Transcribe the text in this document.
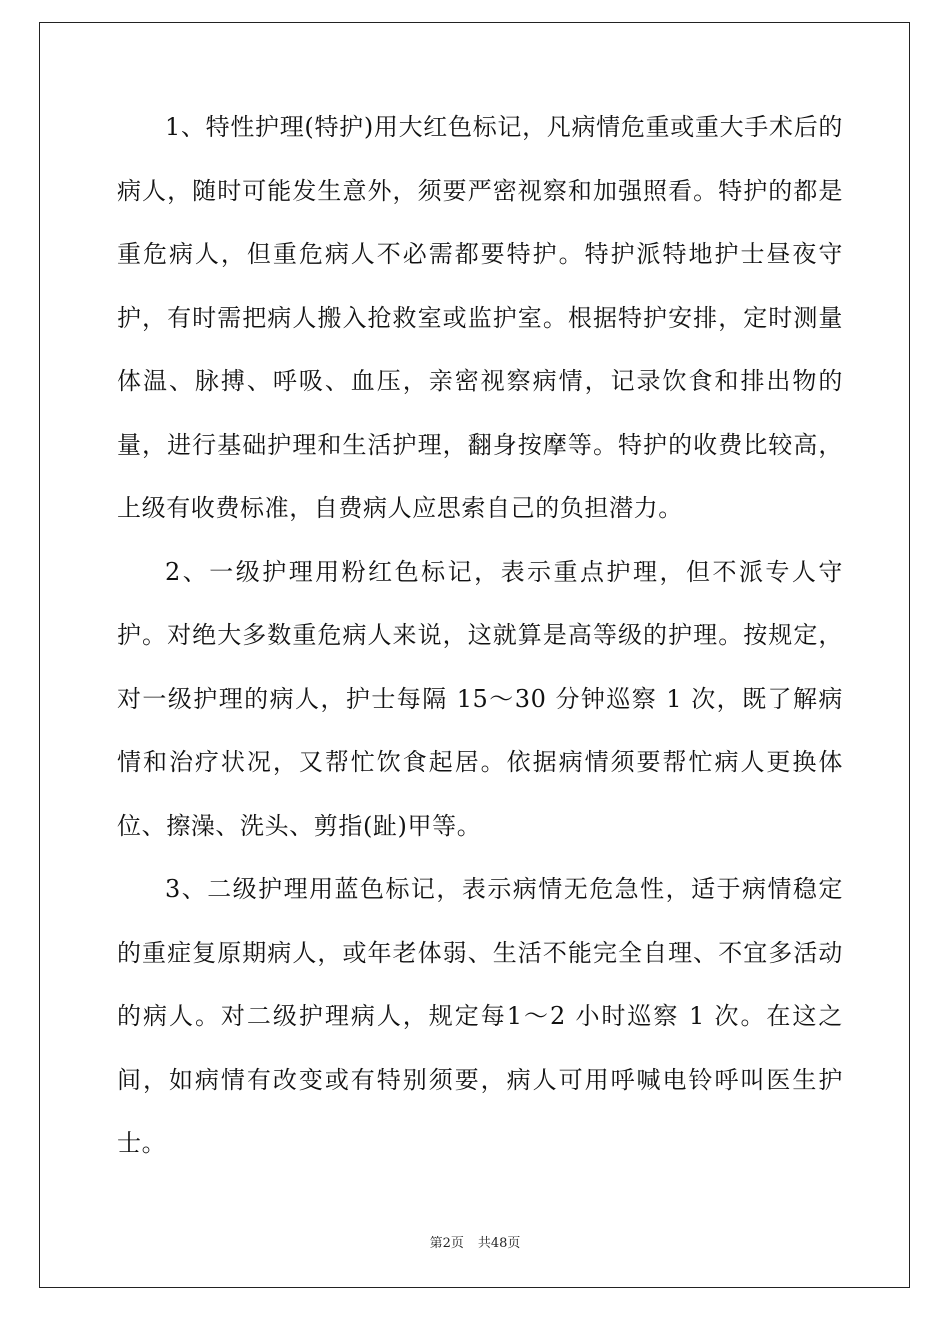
1、特性护理(特护)用大红色标记，凡病情危重或重大手术后的病人，随时可能发生意外，须要严密视察和加强照看。特护的都是重危病人，但重危病人不必需都要特护。特护派特地护士昼夜守护，有时需把病人搬入抢救室或监护室。根据特护安排，定时测量体温、脉搏、呼吸、血压，亲密视察病情，记录饮食和排出物的量，进行基础护理和生活护理，翻身按摩等。特护的收费比较高，上级有收费标准，自费病人应思索自己的负担潜力。

2、一级护理用粉红色标记，表示重点护理，但不派专人守护。对绝大多数重危病人来说，这就算是高等级的护理。按规定，对一级护理的病人，护士每隔 15～30 分钟巡察 1 次，既了解病情和治疗状况，又帮忙饮食起居。依据病情须要帮忙病人更换体位、擦澡、洗头、剪指(趾)甲等。

3、二级护理用蓝色标记，表示病情无危急性，适于病情稳定的重症复原期病人，或年老体弱、生活不能完全自理、不宜多活动的病人。对二级护理病人，规定每1～2 小时巡察 1 次。在这之间，如病情有改变或有特别须要，病人可用呼喊电铃呼叫医生护士。

第2页 共48页
